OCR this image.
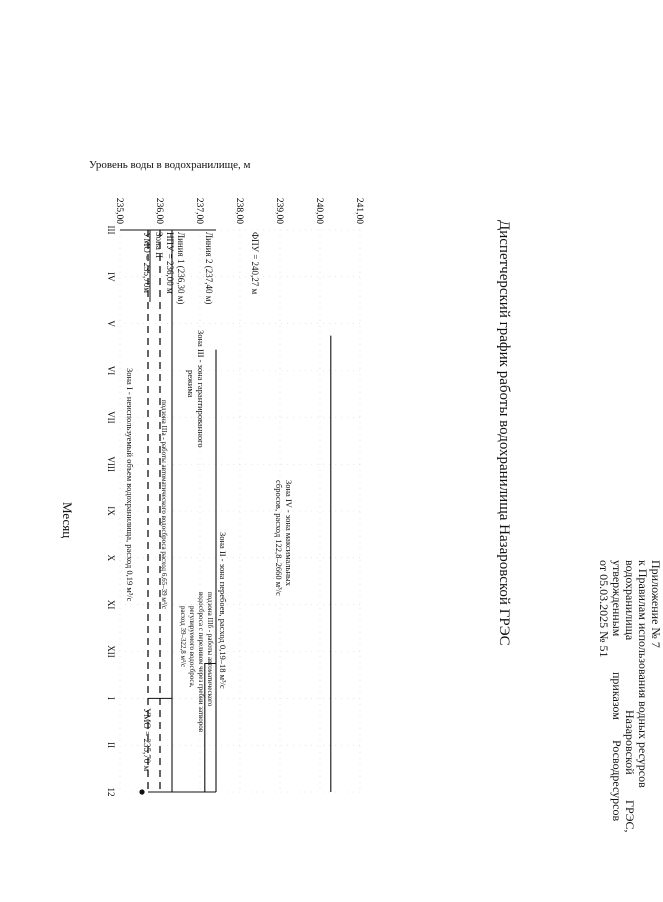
Приложение № 7
к Правилам использования водных ресурсов
водохранилища
Назаровской
ГРЭС,
утвержденным
приказом
Росводресурсов
от 05.03.2025 № 51
Диспетчерский график работы водохранилища Назаровской ГРЭС
241,00
240,00
239,00
238,00
237,00
236,00
235,00
III
IV
V
VI
VII
VIII
IX
X
XI
XII
I
II
12
Уровень воды в водохранилище, м
Месяц
ФПУ = 240,27 м
Линия 2 (237,40 м)
Линия 1 (236,30 м)
НПУ = 236,00 м
Зона II
УМО = 235,70м
УМО = 235,70 м
Зона IV - зона максимальных
сбросов, расход 122,8–2660 м³/с
Зона III - зона гарантированного
режима
подзона IIIа - работы автоматического водосброса расход 6,65–39 м³/с
подзона IIIб - работы автоматического
водосброса с переливом через гребни затворов
регулируемого водосброса,
расход 39–322,8 м³/с	Зона II - зона перебоев, расход 0,19–18 м³/с
Зона I - неиспользуемый объем водохранилища, расход 0,19 м³/с
